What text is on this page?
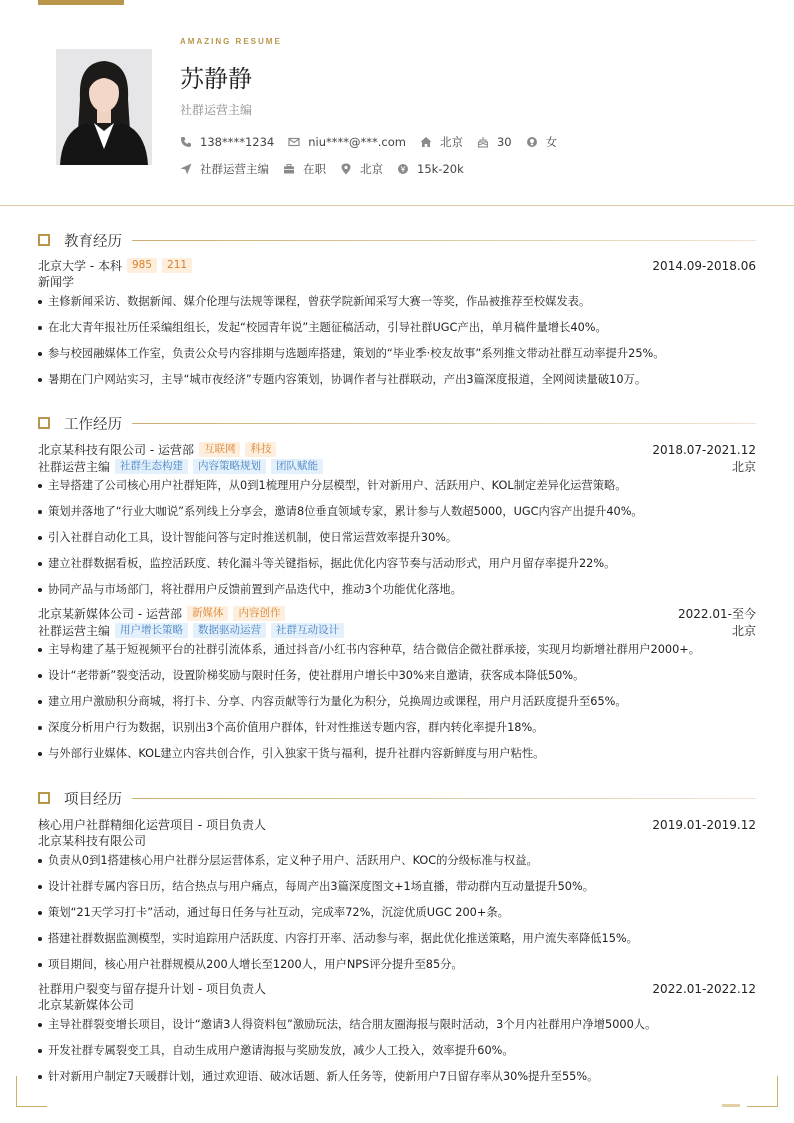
AMAZING RESUME
苏静静
社群运营主编
138****1234	niu****@***.com	北京	30	女
社群运营主编	在职	北京	15k-20k
教育经历
北京大学 - 本科 985	211	2014.09-2018.06
新闻学
主修新闻采访、数据新闻、媒介伦理与法规等课程，曾获学院新闻采写大赛一等奖，作品被推荐至校媒发表。
在北大青年报社历任采编组组长，发起“校园青年说”主题征稿活动，引导社群UGC产出，单月稿件量增长40%。
参与校园融媒体工作室，负责公众号内容排期与选题库搭建，策划的“毕业季·校友故事”系列推文带动社群互动率提升25%。
暑期在门户网站实习，主导“城市夜经济”专题内容策划，协调作者与社群联动，产出3篇深度报道，全网阅读量破10万。
工作经历
北京某科技有限公司 - 运营部 互联网	科技	2018.07-2021.12
社群运营主编 社群生态构建	内容策略规划	团队赋能	北京
主导搭建了公司核心用户社群矩阵，从0到1梳理用户分层模型，针对新用户、活跃用户、KOL制定差异化运营策略。
策划并落地了“行业大咖说”系列线上分享会，邀请8位垂直领域专家，累计参与人数超5000，UGC内容产出提升40%。
引入社群自动化工具，设计智能问答与定时推送机制，使日常运营效率提升30%。
建立社群数据看板，监控活跃度、转化漏斗等关键指标，据此优化内容节奏与活动形式，用户月留存率提升22%。
协同产品与市场部门，将社群用户反馈前置到产品迭代中，推动3个功能优化落地。
北京某新媒体公司 - 运营部 新媒体	内容创作	2022.01-至今
社群运营主编 用户增长策略	数据驱动运营	社群互动设计	北京
主导构建了基于短视频平台的社群引流体系，通过抖音/小红书内容种草，结合微信企微社群承接，实现月均新增社群用户2000+。
设计“老带新”裂变活动，设置阶梯奖励与限时任务，使社群用户增长中30%来自邀请，获客成本降低50%。
建立用户激励积分商城，将打卡、分享、内容贡献等行为量化为积分，兑换周边或课程，用户月活跃度提升至65%。
深度分析用户行为数据，识别出3个高价值用户群体，针对性推送专题内容，群内转化率提升18%。
与外部行业媒体、KOL建立内容共创合作，引入独家干货与福利，提升社群内容新鲜度与用户粘性。
项目经历
核心用户社群精细化运营项目 - 项目负责人	2019.01-2019.12
北京某科技有限公司
负责从0到1搭建核心用户社群分层运营体系，定义种子用户、活跃用户、KOC的分级标准与权益。
设计社群专属内容日历，结合热点与用户痛点，每周产出3篇深度图文+1场直播，带动群内互动量提升50%。
策划“21天学习打卡”活动，通过每日任务与社互动，完成率72%，沉淀优质UGC 200+条。
搭建社群数据监测模型，实时追踪用户活跃度、内容打开率、活动参与率，据此优化推送策略，用户流失率降低15%。
项目期间，核心用户社群规模从200人增长至1200人，用户NPS评分提升至85分。
社群用户裂变与留存提升计划 - 项目负责人	2022.01-2022.12
北京某新媒体公司
主导社群裂变增长项目，设计“邀请3人得资料包”激励玩法，结合朋友圈海报与限时活动，3个月内社群用户净增5000人。
开发社群专属裂变工具，自动生成用户邀请海报与奖励发放，减少人工投入，效率提升60%。
针对新用户制定7天暖群计划，通过欢迎语、破冰话题、新人任务等，使新用户7日留存率从30%提升至55%。
